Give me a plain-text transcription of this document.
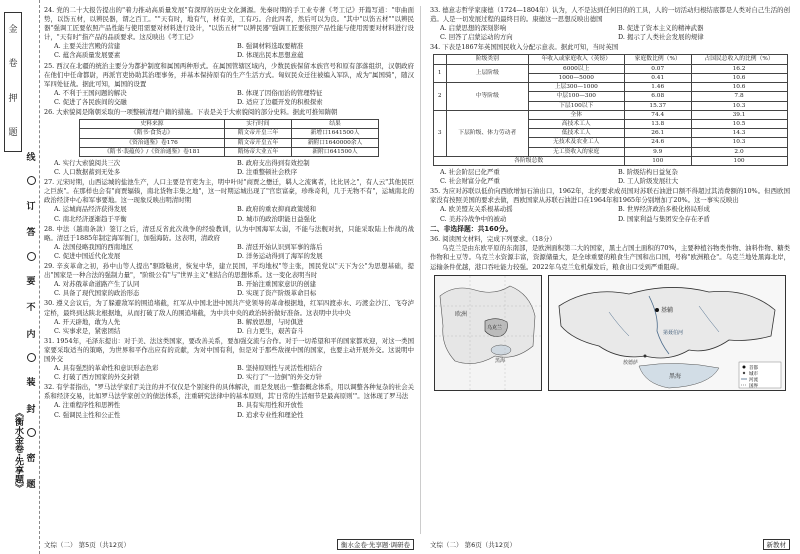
金
卷
押
题
线
订
答
要
不
内
装
封
密
题
《衡水金卷·先享题》
24. 党的二十大报告提出的"着力推动高质量发展"有深厚的历史文化渊源。先秦时期的手工业专著《考工记》开篇写道："审曲面势，以饬五材，以辨民器，谓之百工。""天有时，地有气，材有美，工有巧。合此四者，然后可以为良。"其中"以饬五材""以辨民器"强调工匠要依照产品性能与使用需要对材料进行设计，"以饬五材""以辨民器"强调工匠要依照产品性能与使用需要对材料进行设计，"天有时"指产品的品质要求。这反映出《考工记》
A. 主要关注宫殿的营建	B. 强调材料选取要精准
C. 蕴含高质量发展要素	D. 体现出民本思想意蕴
25. 西汉在北疆的统治主要分为都护制度和属国两种形式。在属国管辖区域内，少数民族保留本族官号和原有部落组织，汉朝政府在他们中任命都尉，再派官吏协助其治理事务，并基本保持原有的生产生活方式。匈奴民众迁往被编入军队，成为"属国骑"，随汉军四处征战。据此可知，属国的设置
A. 不利于王国问题的解决	B. 体现了因俗而治的管理特征
C. 促进了各民族间的交融	D. 适应了边疆开发的积极探索
26. 大索貌阅是隋朝采取的一项整顿清理户籍的措施。下表是关于大索貌阅的部分史料。据此可推知隋朝
史料来源	实行时间	结果
《隋书·食货志》	隋文帝开皇三年	新增口1641500人
《资治通鉴》卷176	隋文帝开皇五年	新附口1640000余人
《隋书·裴蕴传》/《资治通鉴》卷181	隋炀帝大业五年	新附口641500人
A. 实行大索貌阅共三次	B. 政府支出得到有效控制
C. 人口数据蓄到无处多	D. 注重整顿社会秩序
27. 元宋时期，山西运城的盐池生产，人口主要是官吏为主，明中叶时"商贾之懋迁，羁人之流寓者，比比居之"，有人云"其他民臣之巨族"。在那样也会有"商贾辐辏，南北货物丰集之地"，这一时期运城出现了"官宦富豪，珍珠奇利，几于无物不有"，运城南北的政治经济中心和军事要地。这一现象反映出明清时期
A. 运城商品经济获得发展	B. 政府的重农抑商政策缓和
C. 南北经济逐渐趋于平衡	D. 城市的政治职能日益强化
28. 中法（越南条款）签订之后，清廷反省此次战争的经验教训，认为中国海军太弱，不能与法舰对抗，只能采取陆上作战的战略。清廷于1885年制定海军衙门，加强海防。这表明，清政府
A. 法国侵略我国的西南地区	B. 清廷开始认识到军事的落后
C. 促进中国近代化发展	D. 洋务运动得到了海军的发展
29. 辛亥革命之初，孙中山等人提出"驱除鞑虏，恢复中华，建立民国，平均地权"等主张，国民党以"天下为公"为思想基础，提出"国家是一种合法的强制力量"，"阶级公有"与"世界主义"相结合的思想体系。这一变化表明当时
A. 对苏俄革命道路产生了认同	B. 开始注重国家意识的创建
C. 具备了现代国家的政治形态	D. 实现了资产阶级革命目标
30. 遵义会议后，为了躲避敌军的围追堵截，红军从中国北进中国共产党领导的革命根据地，红军四渡赤水、巧渡金沙江、飞夺泸定桥，最终到达陕北根据地，从而打破了敌人的围追堵截，为中共中央的政治转折做好准备。这表明中共中央
A. 开天辟地，敢为人先	B. 解放思想，与时俱进
C. 实事求是，紧密团结	D. 自力更生，艰苦奋斗
31. 1954年，毛泽东提出：对于美、法这类国家，要改善关系，要加强交流与合作。对于一切希望和平的国家都欢迎，对这一类国家要采取适当的策略，为世界和平作出应有的贡献，为对中国有利，但是对于那些敌视中国的国家，也要主动开展外交。这说明中国外交
A. 具有强烈的革命性和意识形态色彩	B. 坚持原则性与灵活性相结合
C. 打破了西方国家的外交封锁	D. 实行了"一边倒"的外交方针
32. 有学者指出，"罗马法学家们"关注的并不仅仅是个别案件的具体解决，而是发展出一整套概念体系，用以调整各种复杂的社会关系和经济交易，比如罗马法学家创立的债法体系，注重研究法律中的基本原则，其'日常的生活细节是最高原则'"。这体现了罗马法
A. 注重程序性和思辨性	B. 具有实用性和开放性
C. 强调民主性和公正性	D. 追求专业性和理论性
33. 德意志哲学家康德（1724—1804年）认为，人不是达到任何目的的工具，人的一切活动归根结底都是人类对自己生活的创造。人是一切发展过程的最终目的。康德这一思想反映出德国
A. 启蒙思想的深刻影响	B. 促进了资本主义的精神武器
C. 回答了启蒙运动的方向	D. 揭示了人类社会发展的规律
34. 下表是1867年英国国民收入分配示意表。据此可知，当时英国
	阶级类别	年收入或家庭收入（英镑）	家庭数比例（%）	占国民总收入的比例（%）
1	上层阶级	6000以上	0.07	16.2
		1000—5000	0.41	10.6
2	中等阶级	上层300—1000	1.46	10.6
		中层100—300	6.08	7.8
		下层100以下	15.37	10.3
3	下层阶级、体力劳动者	全体	74.4	39.1
		高技术工人	13.8	10.5
		低技术工人	26.1	14.3
		无技术及农业工人	24.6	10.3
		无工资收入的家庭	9.9	2.0
各阶级总数			100	100
A. 社会阶层已化严重	B. 阶级结构日益复杂
C. 社会财富分化严重	D. 工人阶级发展壮大
35. 为应对苏联以低价向西欧增加石油出口，1962年，北约要求成员国对苏联石油进口额不得超过其消费额的10%。但西欧国家没有按照美国的要求去做，西欧国家从苏联石油进口在1964年和1965年分别增加了20%。这一事实反映出
A. 欧美盟友关系根基动摇	B. 世界经济政治多极化格局形成
C. 美苏冷战争中的被动	D. 国家利益与集团安全存在矛盾
二、非选择题：共160分。
36. 阅读图文材料，完成下列要求。（18分）
乌克兰是由东欧平原的东南部，是欧洲面积第二大的国家，黑土占国土面积的70%，主要种植谷物类作物、油料作物、糖类作物和土豆等。乌克兰水资源丰富，资源储量大，是全球重要的粮食生产国和出口国，号称"欧洲粮仓"。乌克兰地处黑海北岸，运输条件优越，港口吞吐能力较强。2022年乌克兰危机爆发后，粮食出口受到严重阻碍。
欧洲
乌克兰
黑海
基辅
第聂伯河
黑海
敖德萨
首都
城市
河流
国界
文综（二） 第5页（共12页）	衡水金卷·先享题·调研卷	文综（二） 第6页（共12页）	新教材
